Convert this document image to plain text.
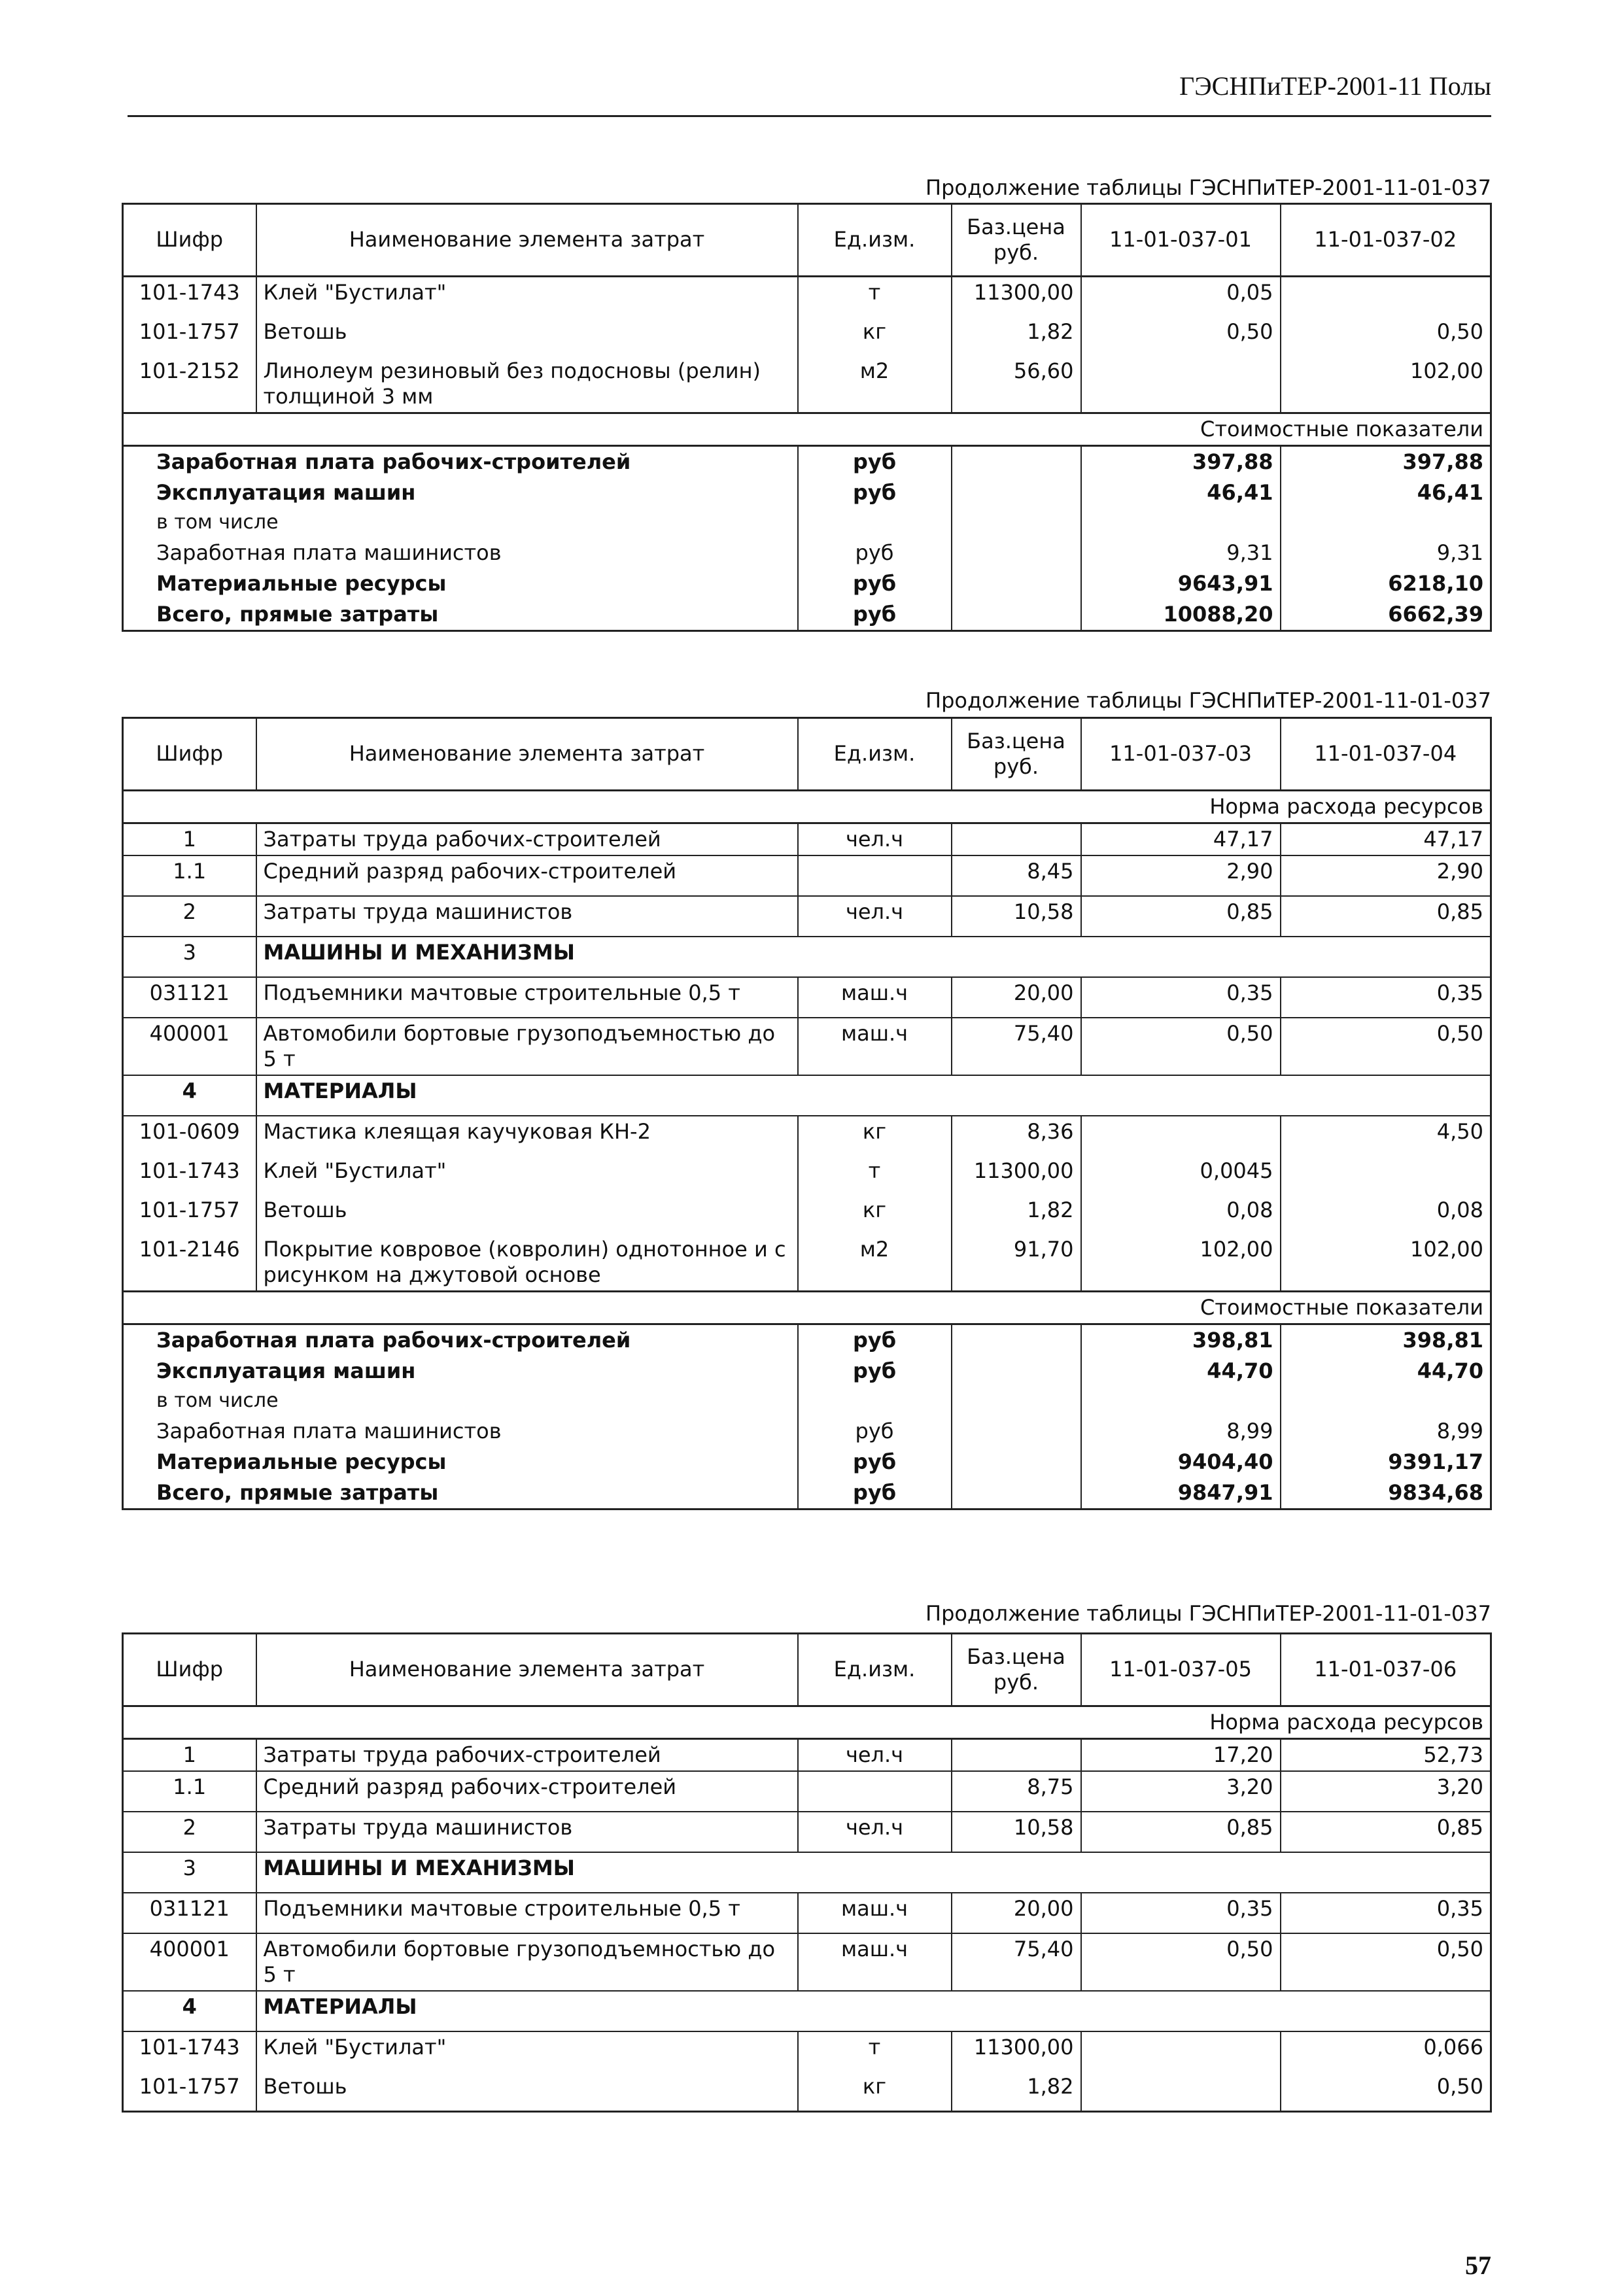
ГЭСНПиТЕР-2001-11 Полы
Продолжение таблицы ГЭСНПиТЕР-2001-11-01-037
Шифр	Наименование элемента затрат	Ед.изм.	Баз.цена руб.	11-01-037-01	11-01-037-02
101-1743	Клей "Бустилат"	т	11300,00	0,05	
101-1757	Ветошь	кг	1,82	0,50	0,50
101-2152	Линолеум резиновый без подосновы (релин) толщиной 3 мм	м2	56,60		102,00
Стоимостные показатели					
Заработная плата рабочих-строителей		руб		397,88	397,88
Эксплуатация машин		руб		46,41	46,41
в том числе					
Заработная плата машинистов		руб		9,31	9,31
Материальные ресурсы		руб		9643,91	6218,10
Всего, прямые затраты		руб		10088,20	6662,39
Продолжение таблицы ГЭСНПиТЕР-2001-11-01-037
Шифр	Наименование элемента затрат	Ед.изм.	Баз.цена руб.	11-01-037-03	11-01-037-04
Норма расхода ресурсов					
1	Затраты труда рабочих-строителей	чел.ч		47,17	47,17
1.1	Средний разряд рабочих-строителей		8,45	2,90	2,90
2	Затраты труда машинистов	чел.ч	10,58	0,85	0,85
3	МАШИНЫ И МЕХАНИЗМЫ				
031121	Подъемники мачтовые строительные 0,5 т	маш.ч	20,00	0,35	0,35
400001	Автомобили бортовые грузоподъемностью до 5 т	маш.ч	75,40	0,50	0,50
4	МАТЕРИАЛЫ				
101-0609	Мастика клеящая каучуковая КН-2	кг	8,36		4,50
101-1743	Клей "Бустилат"	т	11300,00	0,0045	
101-1757	Ветошь	кг	1,82	0,08	0,08
101-2146	Покрытие ковровое (ковролин) однотонное и с рисунком на джутовой основе	м2	91,70	102,00	102,00
Стоимостные показатели					
Заработная плата рабочих-строителей		руб		398,81	398,81
Эксплуатация машин		руб		44,70	44,70
в том числе					
Заработная плата машинистов		руб		8,99	8,99
Материальные ресурсы		руб		9404,40	9391,17
Всего, прямые затраты		руб		9847,91	9834,68
Продолжение таблицы ГЭСНПиТЕР-2001-11-01-037
Шифр	Наименование элемента затрат	Ед.изм.	Баз.цена руб.	11-01-037-05	11-01-037-06
Норма расхода ресурсов					
1	Затраты труда рабочих-строителей	чел.ч		17,20	52,73
1.1	Средний разряд рабочих-строителей		8,75	3,20	3,20
2	Затраты труда машинистов	чел.ч	10,58	0,85	0,85
3	МАШИНЫ И МЕХАНИЗМЫ				
031121	Подъемники мачтовые строительные 0,5 т	маш.ч	20,00	0,35	0,35
400001	Автомобили бортовые грузоподъемностью до 5 т	маш.ч	75,40	0,50	0,50
4	МАТЕРИАЛЫ				
101-1743	Клей "Бустилат"	т	11300,00		0,066
101-1757	Ветошь	кг	1,82		0,50
57
